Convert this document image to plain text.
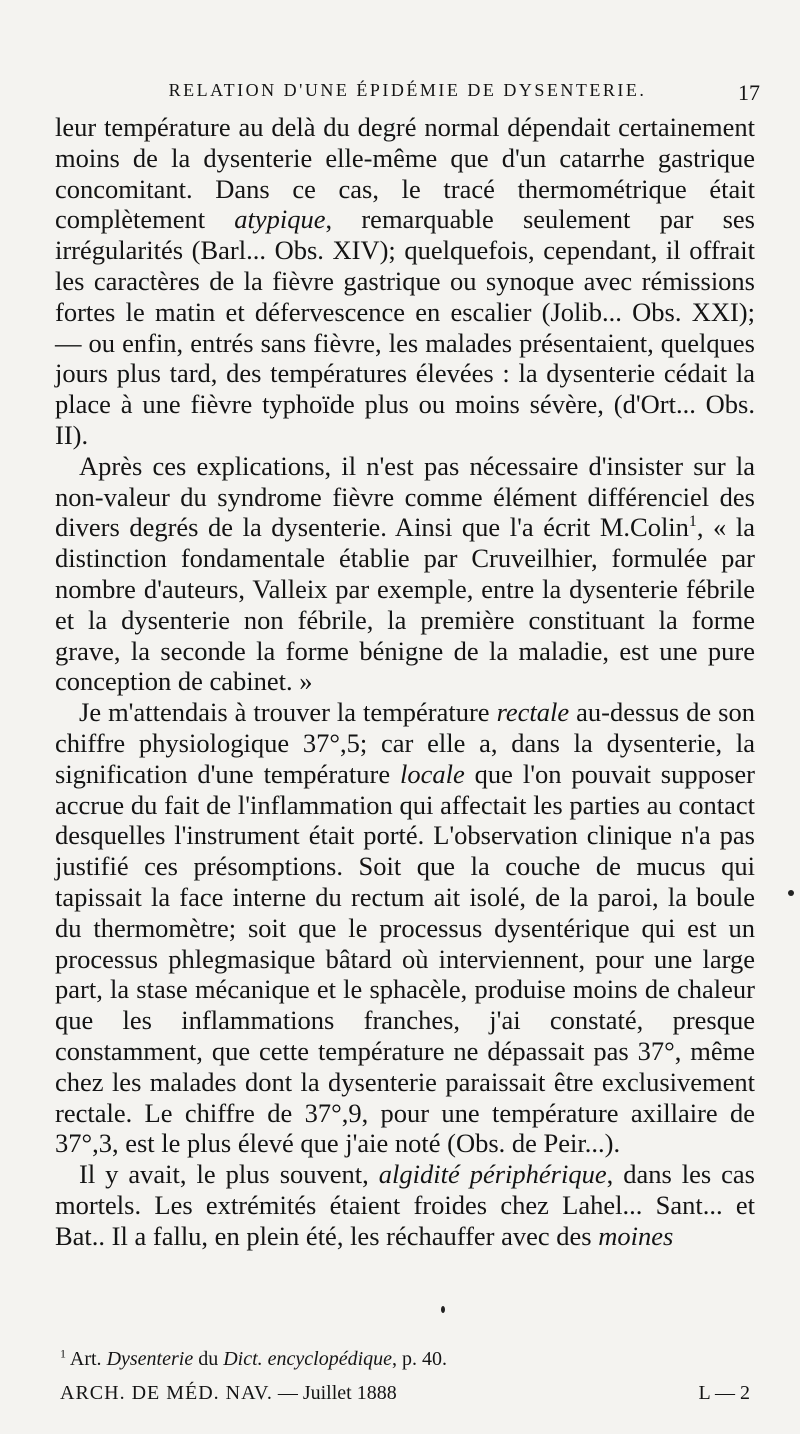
RELATION D'UNE ÉPIDÉMIE DE DYSENTERIE.	17

leur température au delà du degré normal dépendait certainement moins de la dysenterie elle-même que d'un catarrhe gastrique concomitant. Dans ce cas, le tracé thermométrique était complètement atypique, remarquable seulement par ses irrégularités (Barl... Obs. XIV); quelquefois, cependant, il offrait les caractères de la fièvre gastrique ou synoque avec rémissions fortes le matin et défervescence en escalier (Jolib... Obs. XXI); — ou enfin, entrés sans fièvre, les malades présentaient, quelques jours plus tard, des températures élevées : la dysenterie cédait la place à une fièvre typhoïde plus ou moins sévère, (d'Ort... Obs. II).

Après ces explications, il n'est pas nécessaire d'insister sur la non-valeur du syndrome fièvre comme élément différenciel des divers degrés de la dysenterie. Ainsi que l'a écrit M.Colin$^1$, « la distinction fondamentale établie par Cruveilhier, formulée par nombre d'auteurs, Valleix par exemple, entre la dysenterie fébrile et la dysenterie non fébrile, la première constituant la forme grave, la seconde la forme bénigne de la maladie, est une pure conception de cabinet. »

Je m'attendais à trouver la température rectale au-dessus de son chiffre physiologique 37°,5; car elle a, dans la dysenterie, la signification d'une température locale que l'on pouvait supposer accrue du fait de l'inflammation qui affectait les parties au contact desquelles l'instrument était porté. L'observation clinique n'a pas justifié ces présomptions. Soit que la couche de mucus qui tapissait la face interne du rectum ait isolé, de la paroi, la boule du thermomètre; soit que le processus dysentérique qui est un processus phlegmasique bâtard où interviennent, pour une large part, la stase mécanique et le sphacèle, produise moins de chaleur que les inflammations franches, j'ai constaté, presque constamment, que cette température ne dépassait pas 37°, même chez les malades dont la dysenterie paraissait être exclusivement rectale. Le chiffre de 37°,9, pour une température axillaire de 37°,3, est le plus élevé que j'aie noté (Obs. de Peir...).

Il y avait, le plus souvent, algidité périphérique, dans les cas mortels. Les extrémités étaient froides chez Lahel... Sant... et Bat.. Il a fallu, en plein été, les réchauffer avec des moines

$^1$ Art. Dysenterie du Dict. encyclopédique, p. 40.
ARCH. DE MÉD. NAV. — Juillet 1888	L — 2
